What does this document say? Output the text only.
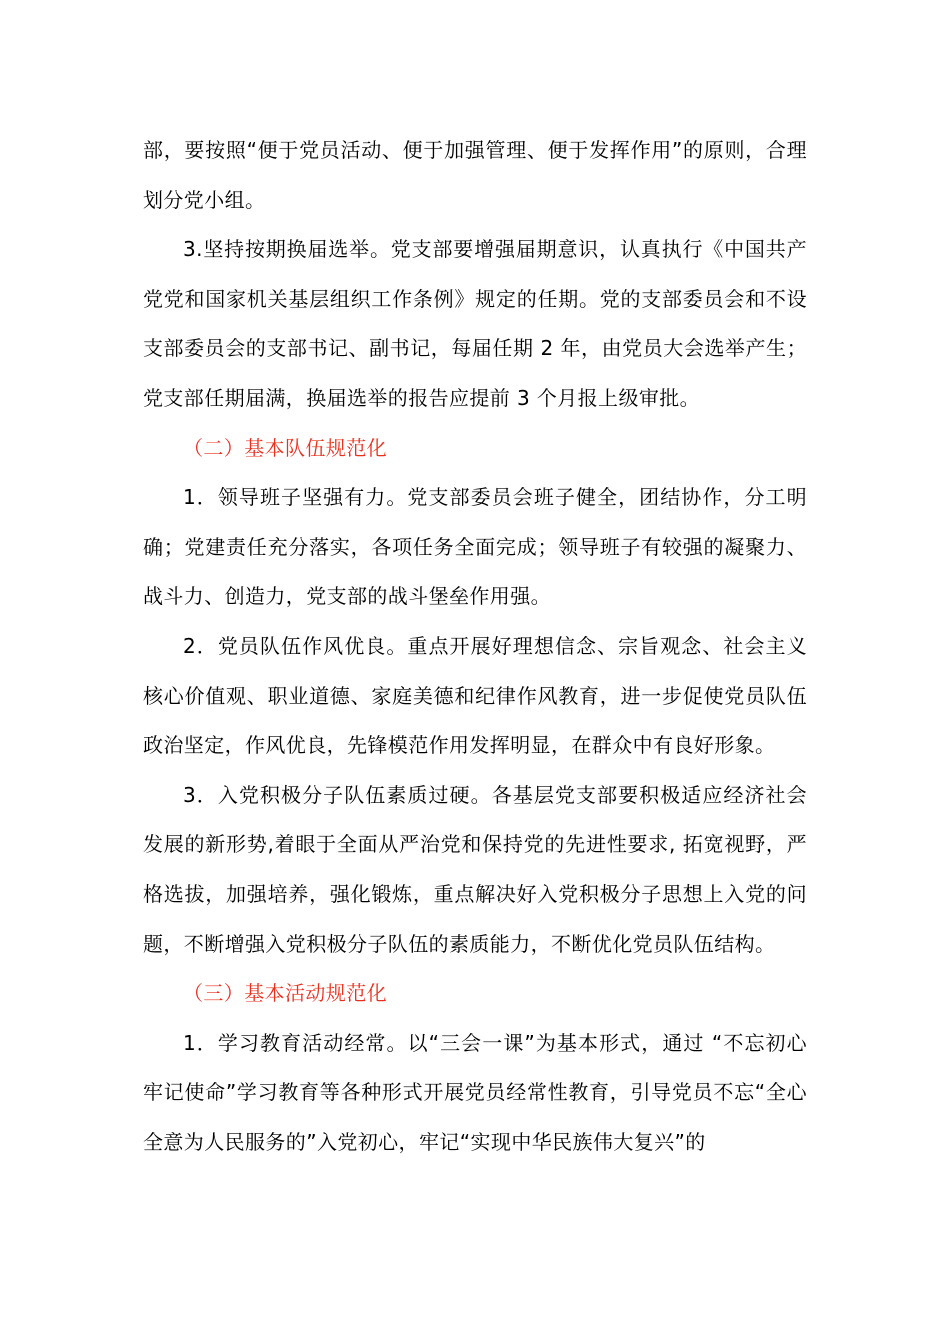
部，要按照“便于党员活动、便于加强管理、便于发挥作用”的原则，合理划分党小组。

3.坚持按期换届选举。党支部要增强届期意识，认真执行《中国共产党党和国家机关基层组织工作条例》规定的任期。党的支部委员会和不设支部委员会的支部书记、副书记，每届任期 2 年，由党员大会选举产生；党支部任期届满，换届选举的报告应提前 3 个月报上级审批。

（二）基本队伍规范化

1．领导班子坚强有力。党支部委员会班子健全，团结协作，分工明确；党建责任充分落实，各项任务全面完成；领导班子有较强的凝聚力、战斗力、创造力，党支部的战斗堡垒作用强。

2．党员队伍作风优良。重点开展好理想信念、宗旨观念、社会主义核心价值观、职业道德、家庭美德和纪律作风教育，进一步促使党员队伍政治坚定，作风优良，先锋模范作用发挥明显，在群众中有良好形象。

3．入党积极分子队伍素质过硬。各基层党支部要积极适应经济社会发展的新形势,着眼于全面从严治党和保持党的先进性要求, 拓宽视野，严格选拔，加强培养，强化锻炼，重点解决好入党积极分子思想上入党的问题，不断增强入党积极分子队伍的素质能力，不断优化党员队伍结构。

（三）基本活动规范化

1．学习教育活动经常。以“三会一课”为基本形式，通过 “不忘初心 牢记使命”学习教育等各种形式开展党员经常性教育，引导党员不忘“全心全意为人民服务的”入党初心，牢记“实现中华民族伟大复兴”的
